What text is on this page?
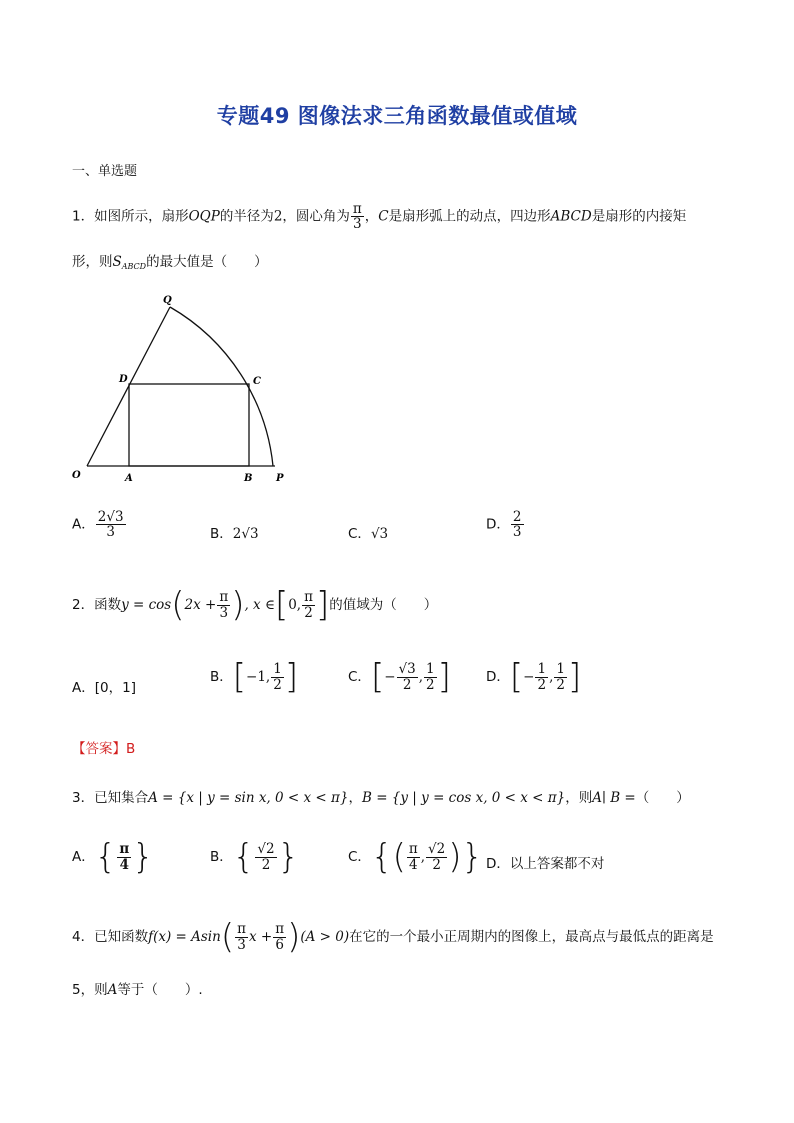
专题49 图像法求三角函数最值或值域
一、单选题
1．如图所示，扇形OQP的半径为2，圆心角为 $\frac{\pi}{3}$ ，C是扇形弧上的动点，四边形ABCD是扇形的内接矩
形，则$S_{ABCD}$的最大值是（　　）
Q
D	C
O	A	B P
A． $\frac{2√3}{3}$	B．2√3	C．√3
D． $\frac{2}{3}$
2．函数$y = \cos(2x + \frac{\pi}{3}$ ), x ∈[0, $\frac{\pi}{2}$ ]的值域为（　　）
A．[0，1]
B．[−1, $\frac{1}{2}$ ]	C．[− $\frac{√3}{2}$ , $\frac{1}{2}$ ]	D．[− $\frac{1}{2}$ , $\frac{1}{2}$ ]
【答案】B
3．已知集合A = {x | y = sin x, 0 < x < π}，B = {y | y = cos x, 0 < x < π}，则A∣ B =（　　）
A．{ $\frac{\pi}{4}$ }	B．{ $\frac{√2}{2}$ }	C．{( $\frac{\pi}{4}$ , $\frac{√2}{2}$ )} D．以上答案都不对
4．已知函数$f(x) = Asin( \frac{\pi}{3}$ $x + \frac{\pi}{6} )(A > 0)$在它的一个最小正周期内的图像上，最高点与最低点的距离是
5，则A等于（　　）.
